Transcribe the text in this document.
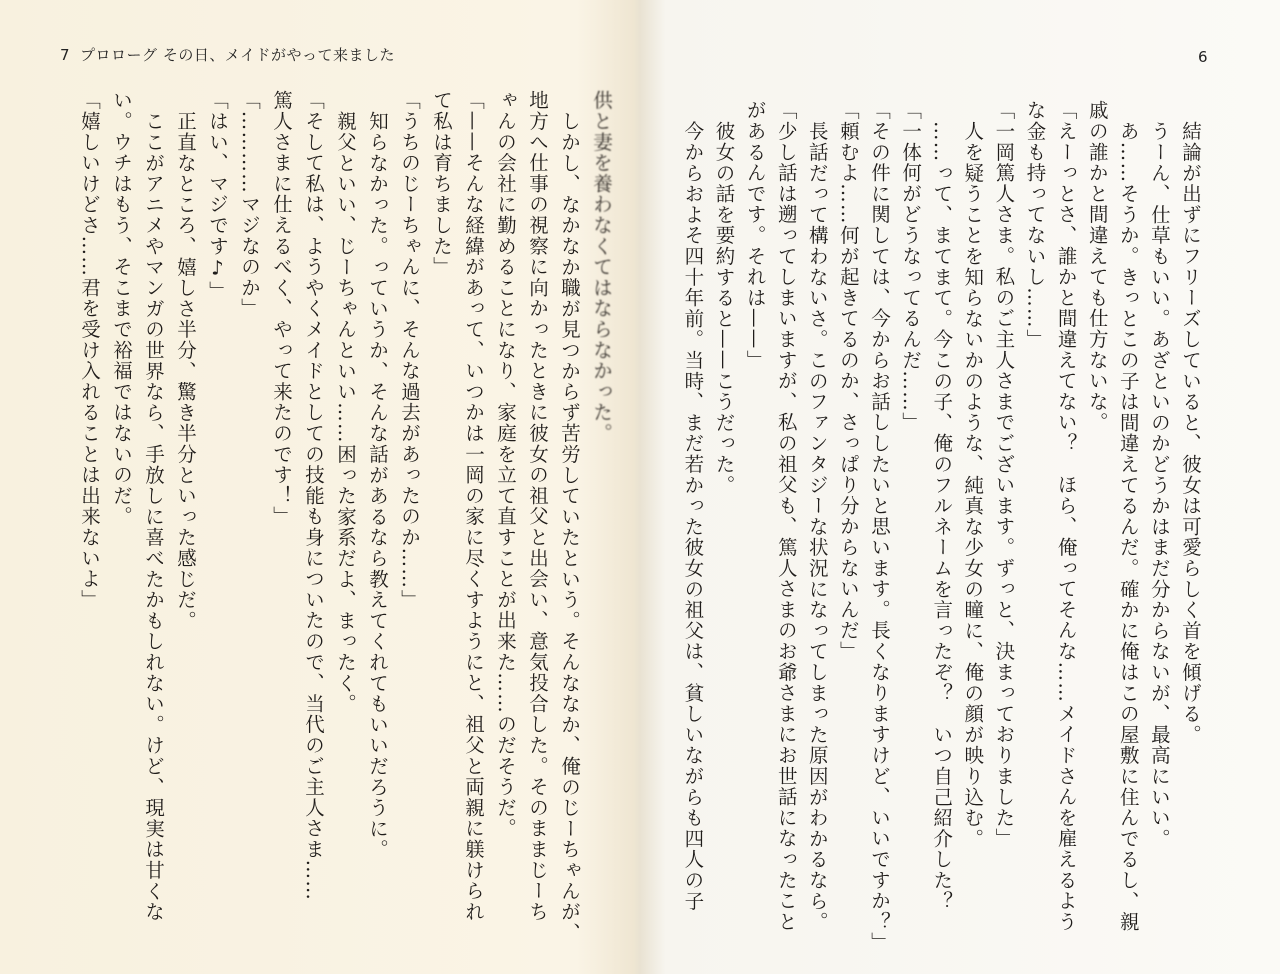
7 プロローグ その日、メイドがやって来ました	6
結論が出ずにフリーズしていると、彼女は可愛らしく首を傾げる。
うーん、仕草もいい。あざといのかどうかはまだ分からないが、最高にいい。
あ……そうか。きっとこの子は間違えてるんだ。確かに俺はこの屋敷に住んでるし、親
戚の誰かと間違えても仕方ないな。
「えーっとさ、誰かと間違えてない？　ほら、俺ってそんな……メイドさんを雇えるよう
な金も持ってないし……」
「一岡篤人さま。私のご主人さまでございます。ずっと、決まっておりました」
人を疑うことを知らないかのような、純真な少女の瞳に、俺の顔が映り込む。
……って、まてまて。今この子、俺のフルネームを言ったぞ？　いつ自己紹介した？
「一体何がどうなってるんだ……」
「その件に関しては、今からお話ししたいと思います。長くなりますけど、いいですか？」
「頼むよ……何が起きてるのか、さっぱり分からないんだ」
長話だって構わないさ。このファンタジーな状況になってしまった原因がわかるなら。
「少し話は遡ってしまいますが、私の祖父も、篤人さまのお爺さまにお世話になったこと
があるんです。それは——」
彼女の話を要約すると——こうだった。
今からおよそ四十年前。当時、まだ若かった彼女の祖父は、貧しいながらも四人の子
供と妻を養わなくてはならなかった。
しかし、なかなか職が見つからず苦労していたという。そんななか、俺のじーちゃんが、
地方へ仕事の視察に向かったときに彼女の祖父と出会い、意気投合した。そのままじーち
ゃんの会社に勤めることになり、家庭を立て直すことが出来た……のだそうだ。
「——そんな経緯があって、いつかは一岡の家に尽くすようにと、祖父と両親に躾けられ
て私は育ちました」
「うちのじーちゃんに、そんな過去があったのか……」
知らなかった。っていうか、そんな話があるなら教えてくれてもいいだろうに。
親父といい、じーちゃんといい……困った家系だよ、まったく。
「そして私は、ようやくメイドとしての技能も身についたので、当代のご主人さま……
篤人さまに仕えるべく、やって来たのです！」
「…………マジなのか」
「はい、マジです♪」
正直なところ、嬉しさ半分、驚き半分といった感じだ。
ここがアニメやマンガの世界なら、手放しに喜べたかもしれない。けど、現実は甘くな
い。ウチはもう、そこまで裕福ではないのだ。
「嬉しいけどさ……君を受け入れることは出来ないよ」
